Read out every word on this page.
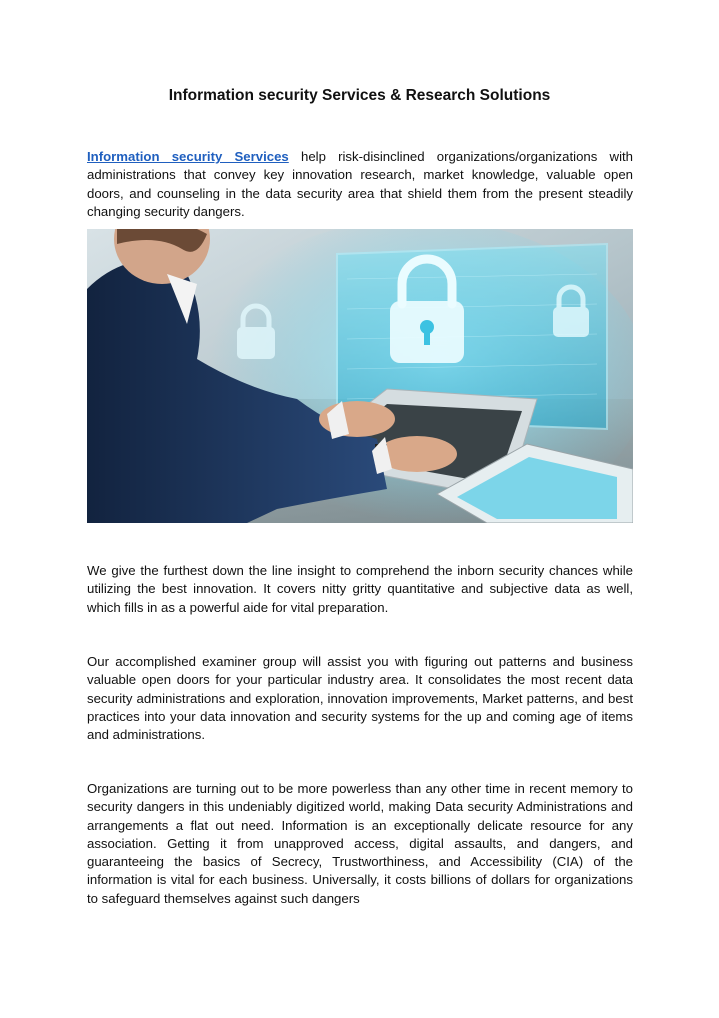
Information security Services & Research Solutions

Information security Services help risk-disinclined organizations/organizations with administrations that convey key innovation research, market knowledge, valuable open doors, and counseling in the data security area that shield them from the present steadily changing security dangers.

We give the furthest down the line insight to comprehend the inborn security chances while utilizing the best innovation. It covers nitty gritty quantitative and subjective data as well, which fills in as a powerful aide for vital preparation.

Our accomplished examiner group will assist you with figuring out patterns and business valuable open doors for your particular industry area. It consolidates the most recent data security administrations and exploration, innovation improvements, Market patterns, and best practices into your data innovation and security systems for the up and coming age of items and administrations.

Organizations are turning out to be more powerless than any other time in recent memory to security dangers in this undeniably digitized world, making Data security Administrations and arrangements a flat out need. Information is an exceptionally delicate resource for any association. Getting it from unapproved access, digital assaults, and dangers, and guaranteeing the basics of Secrecy, Trustworthiness, and Accessibility (CIA) of the information is vital for each business. Universally, it costs billions of dollars for organizations to safeguard themselves against such dangers
